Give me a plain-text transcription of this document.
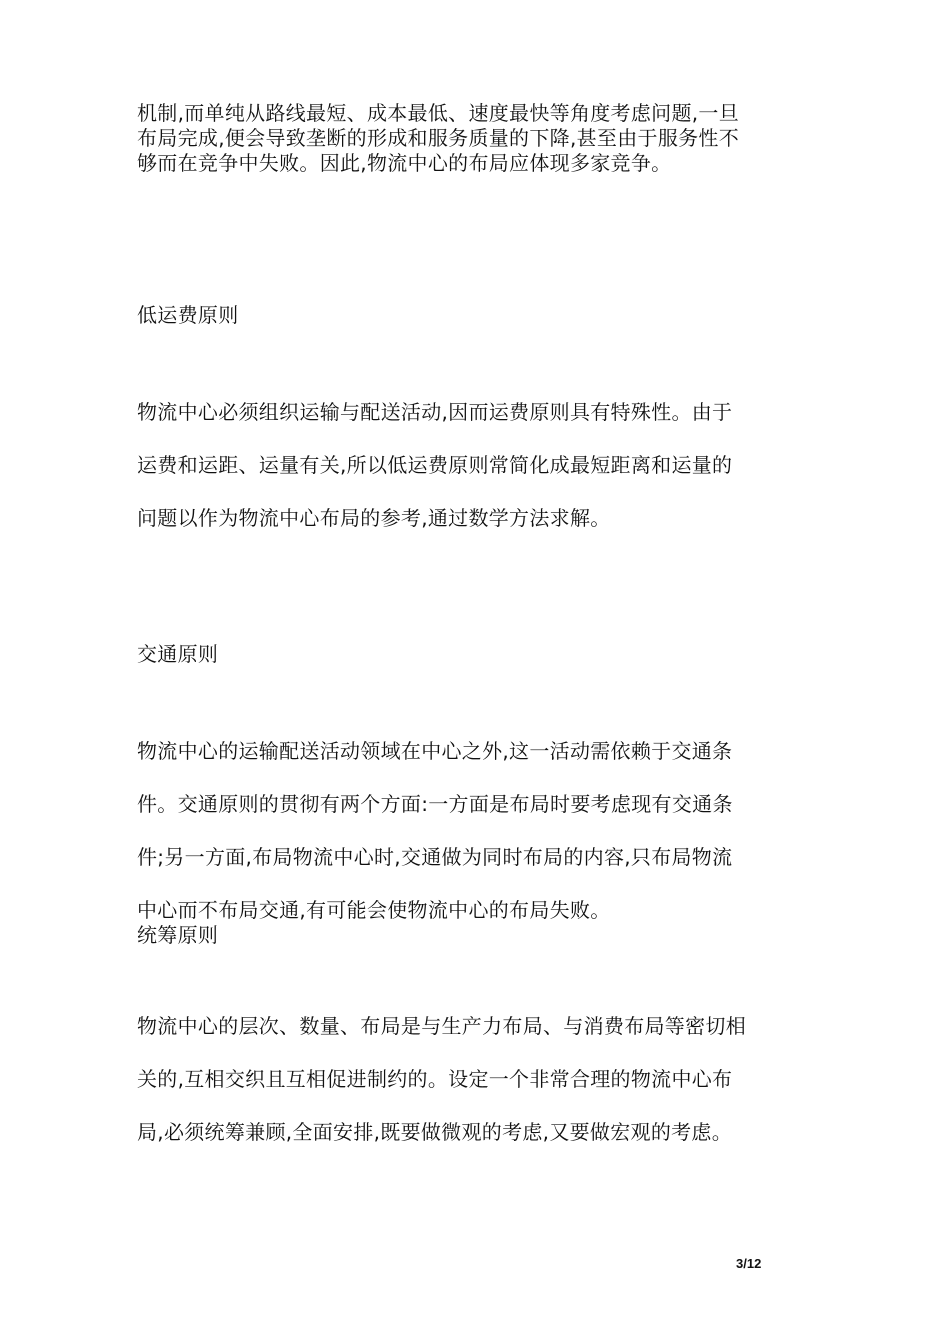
机制,而单纯从路线最短、成本最低、速度最快等角度考虑问题,一旦
布局完成,便会导致垄断的形成和服务质量的下降,甚至由于服务性不
够而在竞争中失败。因此,物流中心的布局应体现多家竞争。
低运费原则
物流中心必须组织运输与配送活动,因而运费原则具有特殊性。由于
运费和运距、运量有关,所以低运费原则常简化成最短距离和运量的
问题以作为物流中心布局的参考,通过数学方法求解。
交通原则
物流中心的运输配送活动领域在中心之外,这一活动需依赖于交通条
件。交通原则的贯彻有两个方面:一方面是布局时要考虑现有交通条
件;另一方面,布局物流中心时,交通做为同时布局的内容,只布局物流
中心而不布局交通,有可能会使物流中心的布局失败。
统筹原则
物流中心的层次、数量、布局是与生产力布局、与消费布局等密切相
关的,互相交织且互相促进制约的。设定一个非常合理的物流中心布
局,必须统筹兼顾,全面安排,既要做微观的考虑,又要做宏观的考虑。
3/12
